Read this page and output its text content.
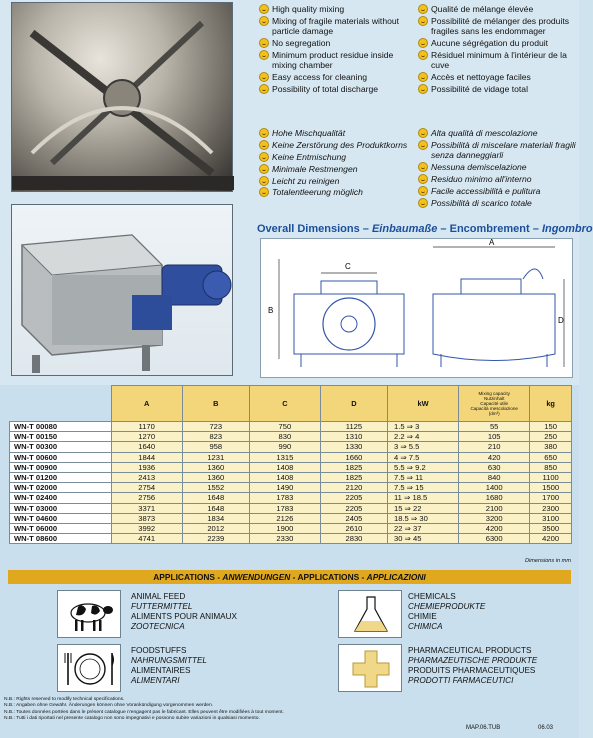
High quality mixing
Mixing of fragile materials without particle damage
No segregation
Minimum product residue inside mixing chamber
Easy access for cleaning
Possibility of total discharge
Qualité de mélange élevée
Possibilité de mélanger des produits fragiles sans les endommager
Aucune ségrégation du produit
Résiduel minimum à l'intérieur de la cuve
Accès et nettoyage faciles
Possibilité de vidage total
Hohe Mischqualität
Keine Zerstörung des Produktkorns
Keine Entmischung
Minimale Restmengen
Leicht zu reinigen
Totalentleerung möglich
Alta qualità di mescolazione
Possibilità di miscelare materiali fragili senza danneggiarli
Nessuna demiscelazione
Residuo minimo all'interno
Facile accessibilità e pulitura
Possibilità di scarico totale
Overall Dimensions – Einbaumaße – Encombrement – Ingombro
B
C
A
D
	A	B	C	D	kW	Mixing capacity
Nutzinhalt
Capacité utile
Capacità mescolazione
(dm³)	kg
WN-T 00080	1170	723	750	1125	1.5 ⇒ 3	55	150
WN-T 00150	1270	823	830	1310	2.2 ⇒ 4	105	250
WN-T 00300	1640	958	990	1330	3 ⇒ 5.5	210	380
WN-T 00600	1844	1231	1315	1660	4 ⇒ 7.5	420	650
WN-T 00900	1936	1360	1408	1825	5.5 ⇒ 9.2	630	850
WN-T 01200	2413	1360	1408	1825	7.5 ⇒ 11	840	1100
WN-T 02000	2754	1552	1490	2120	7.5 ⇒ 15	1400	1500
WN-T 02400	2756	1648	1783	2205	11 ⇒ 18.5	1680	1700
WN-T 03000	3371	1648	1783	2205	15 ⇒ 22	2100	2300
WN-T 04600	3873	1834	2126	2405	18.5 ⇒ 30	3200	3100
WN-T 06000	3992	2012	1900	2610	22 ⇒ 37	4200	3500
WN-T 08600	4741	2239	2330	2830	30 ⇒ 45	6300	4200
Dimensions in mm
APPLICATIONS - ANWENDUNGEN - APPLICATIONS - APPLICAZIONI
ANIMAL FEED
FUTTERMITTEL
ALIMENTS POUR ANIMAUX
ZOOTECNICA
FOODSTUFFS
NAHRUNGSMITTEL
ALIMENTAIRES
ALIMENTARI
CHEMICALS
CHEMIEPRODUKTE
CHIMIE
CHIMICA
PHARMACEUTICAL PRODUCTS
PHARMAZEUTISCHE PRODUKTE
PRODUITS PHARMACEUTIQUES
PRODOTTI FARMACEUTICI
N.B.: Rights reserved to modify technical specifications.
N.B.: Angaben ohne Gewähr. Änderungen können ohne Vorankündigung vorgenommen werden.
N.B.: Toutes données portées dans le présent catalogue n'engagent pas le fabricant. Elles peuvent être modifiées à tout moment.
N.B.: Tutti i dati riportati nel presente catalogo non sono impegnativi e possono subire variazioni in qualsiasi momento.
MAP.06.TUB	06.03
